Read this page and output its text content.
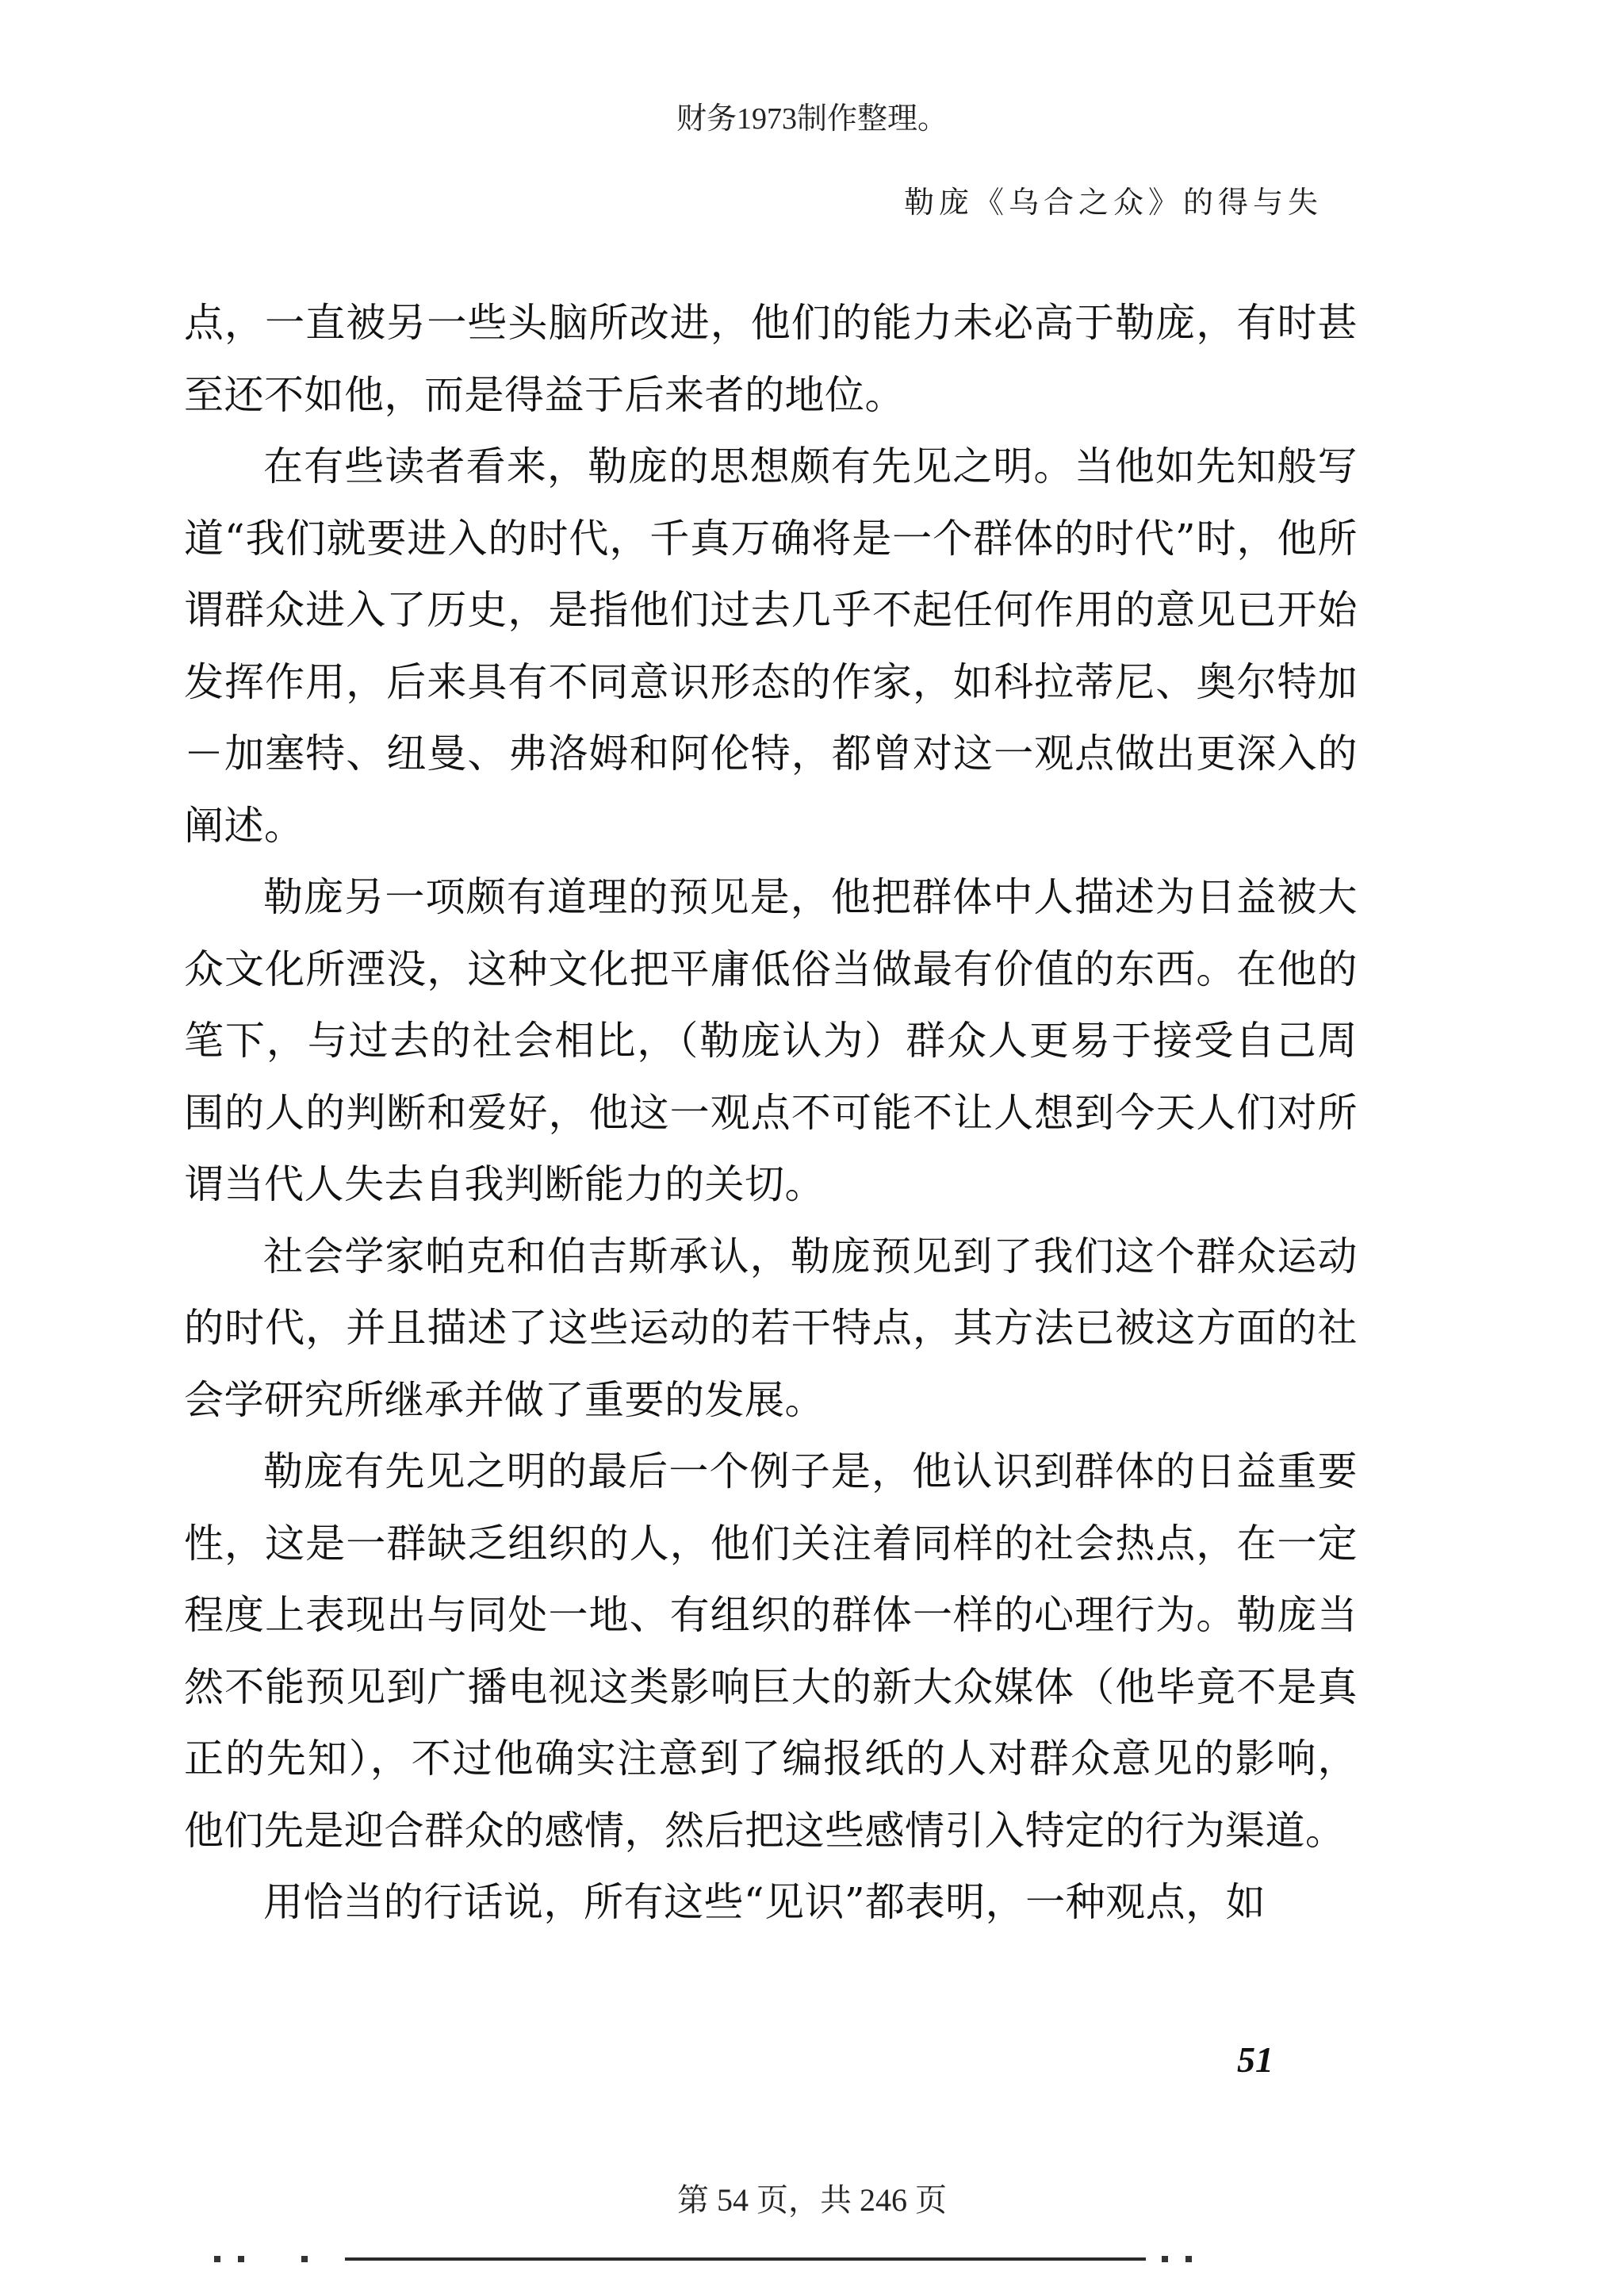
财务1973制作整理。
勒庞《乌合之众》的得与失

点，一直被另一些头脑所改进，他们的能力未必高于勒庞，有时甚至还不如他，而是得益于后来者的地位。

在有些读者看来，勒庞的思想颇有先见之明。当他如先知般写道“我们就要进入的时代，千真万确将是一个群体的时代”时，他所谓群众进入了历史，是指他们过去几乎不起任何作用的意见已开始发挥作用，后来具有不同意识形态的作家，如科拉蒂尼、奥尔特加－加塞特、纽曼、弗洛姆和阿伦特，都曾对这一观点做出更深入的阐述。

勒庞另一项颇有道理的预见是，他把群体中人描述为日益被大众文化所湮没，这种文化把平庸低俗当做最有价值的东西。在他的笔下，与过去的社会相比，（勒庞认为）群众人更易于接受自己周围的人的判断和爱好，他这一观点不可能不让人想到今天人们对所谓当代人失去自我判断能力的关切。

社会学家帕克和伯吉斯承认，勒庞预见到了我们这个群众运动的时代，并且描述了这些运动的若干特点，其方法已被这方面的社会学研究所继承并做了重要的发展。

勒庞有先见之明的最后一个例子是，他认识到群体的日益重要性，这是一群缺乏组织的人，他们关注着同样的社会热点，在一定程度上表现出与同处一地、有组织的群体一样的心理行为。勒庞当然不能预见到广播电视这类影响巨大的新大众媒体（他毕竟不是真正的先知），不过他确实注意到了编报纸的人对群众意见的影响，他们先是迎合群众的感情，然后把这些感情引入特定的行为渠道。

用恰当的行话说，所有这些“见识”都表明，一种观点，如

51
第 54 页，共 246 页
